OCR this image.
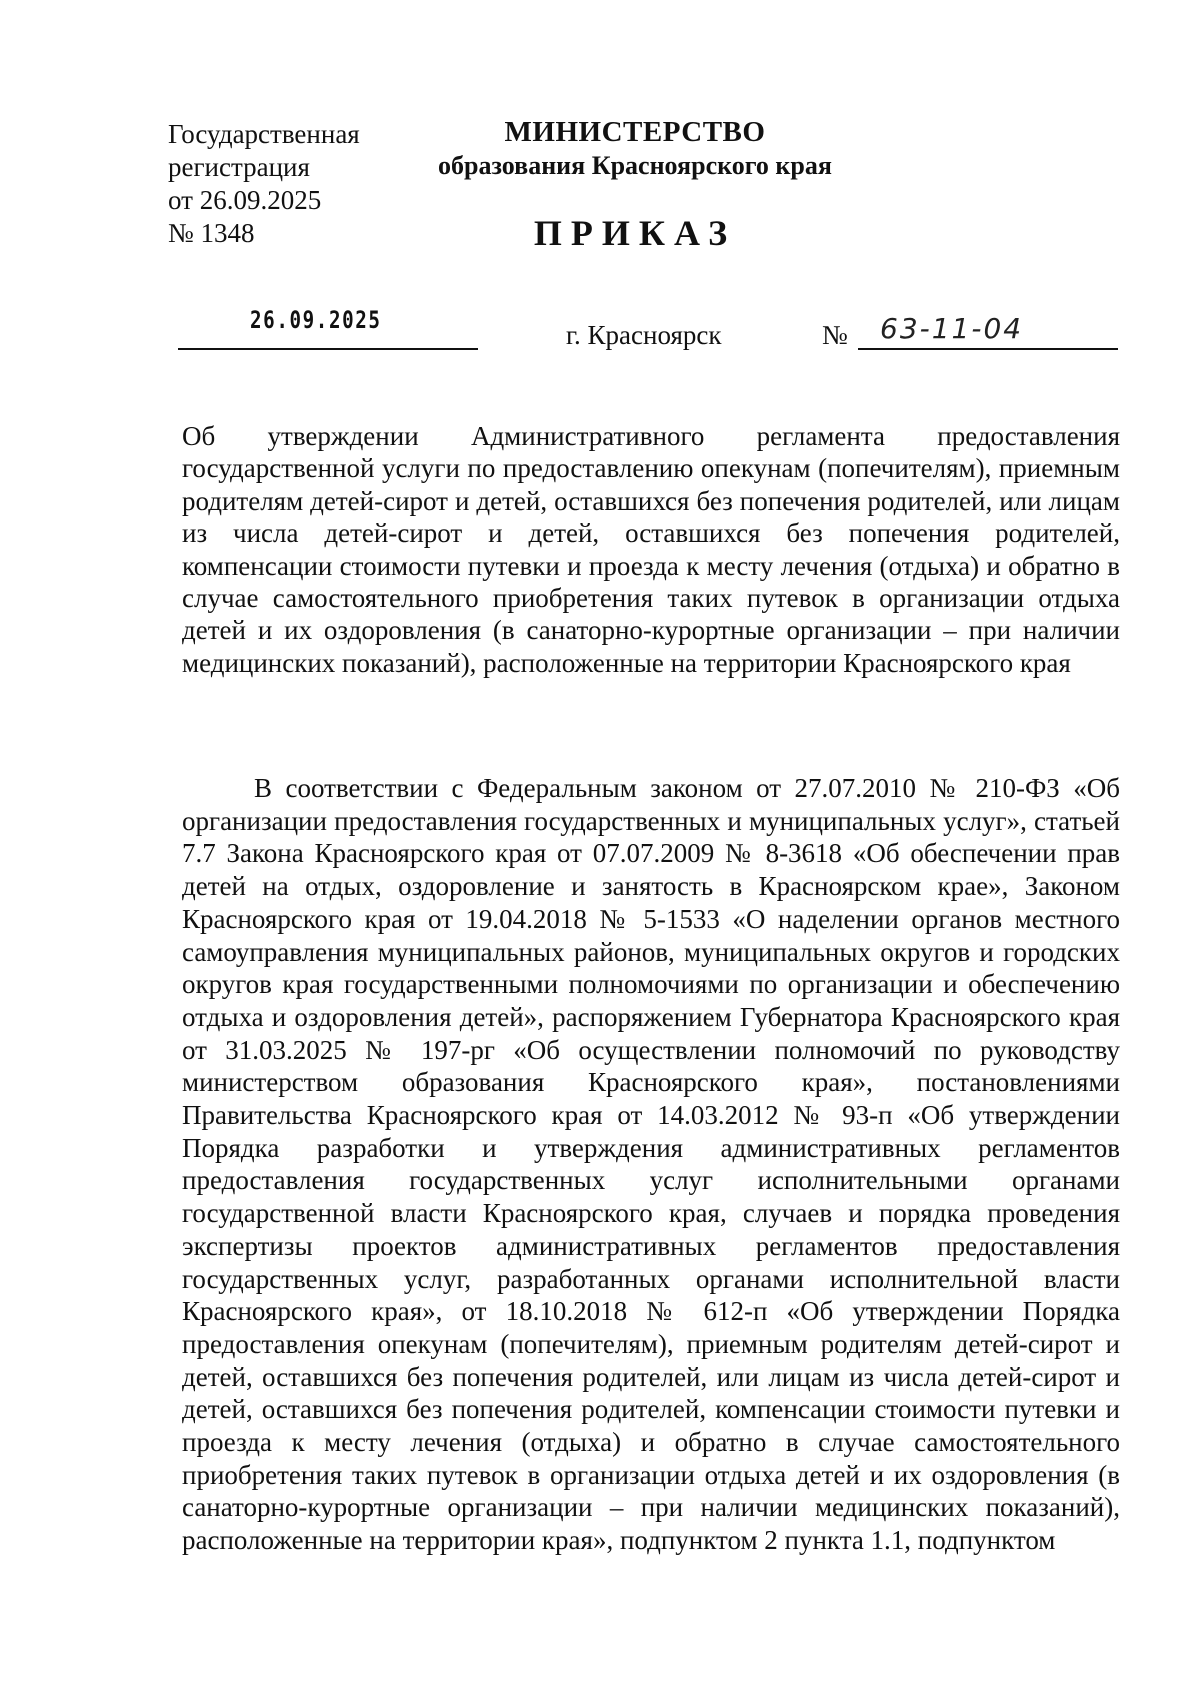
Государственная
регистрация
от 26.09.2025
№ 1348
МИНИСТЕРСТВО
образования Красноярского края
ПРИКАЗ
26.09.2025	г. Красноярск	№ 63-11-04
Об утверждении Административного регламента предоставления государственной услуги по предоставлению опекунам (попечителям), приемным родителям детей-сирот и детей, оставшихся без попечения родителей, или лицам из числа детей-сирот и детей, оставшихся без попечения родителей, компенсации стоимости путевки и проезда к месту лечения (отдыха) и обратно в случае самостоятельного приобретения таких путевок в организации отдыха детей и их оздоровления (в санаторно-курортные организации – при наличии медицинских показаний), расположенные на территории Красноярского края
В соответствии с Федеральным законом от 27.07.2010 № 210-ФЗ «Об организации предоставления государственных и муниципальных услуг», статьей 7.7 Закона Красноярского края от 07.07.2009 № 8-3618 «Об обеспечении прав детей на отдых, оздоровление и занятость в Красноярском крае», Законом Красноярского края от 19.04.2018 № 5-1533 «О наделении органов местного самоуправления муниципальных районов, муниципальных округов и городских округов края государственными полномочиями по организации и обеспечению отдыха и оздоровления детей», распоряжением Губернатора Красноярского края от 31.03.2025 № 197-рг «Об осуществлении полномочий по руководству министерством образования Красноярского края», постановлениями Правительства Красноярского края от 14.03.2012 № 93-п «Об утверждении Порядка разработки и утверждения административных регламентов предоставления государственных услуг исполнительными органами государственной власти Красноярского края, случаев и порядка проведения экспертизы проектов административных регламентов предоставления государственных услуг, разработанных органами исполнительной власти Красноярского края», от 18.10.2018 № 612-п «Об утверждении Порядка предоставления опекунам (попечителям), приемным родителям детей-сирот и детей, оставшихся без попечения родителей, или лицам из числа детей-сирот и детей, оставшихся без попечения родителей, компенсации стоимости путевки и проезда к месту лечения (отдыха) и обратно в случае самостоятельного приобретения таких путевок в организации отдыха детей и их оздоровления (в санаторно-курортные организации – при наличии медицинских показаний), расположенные на территории края», подпунктом 2 пункта 1.1, подпунктом
